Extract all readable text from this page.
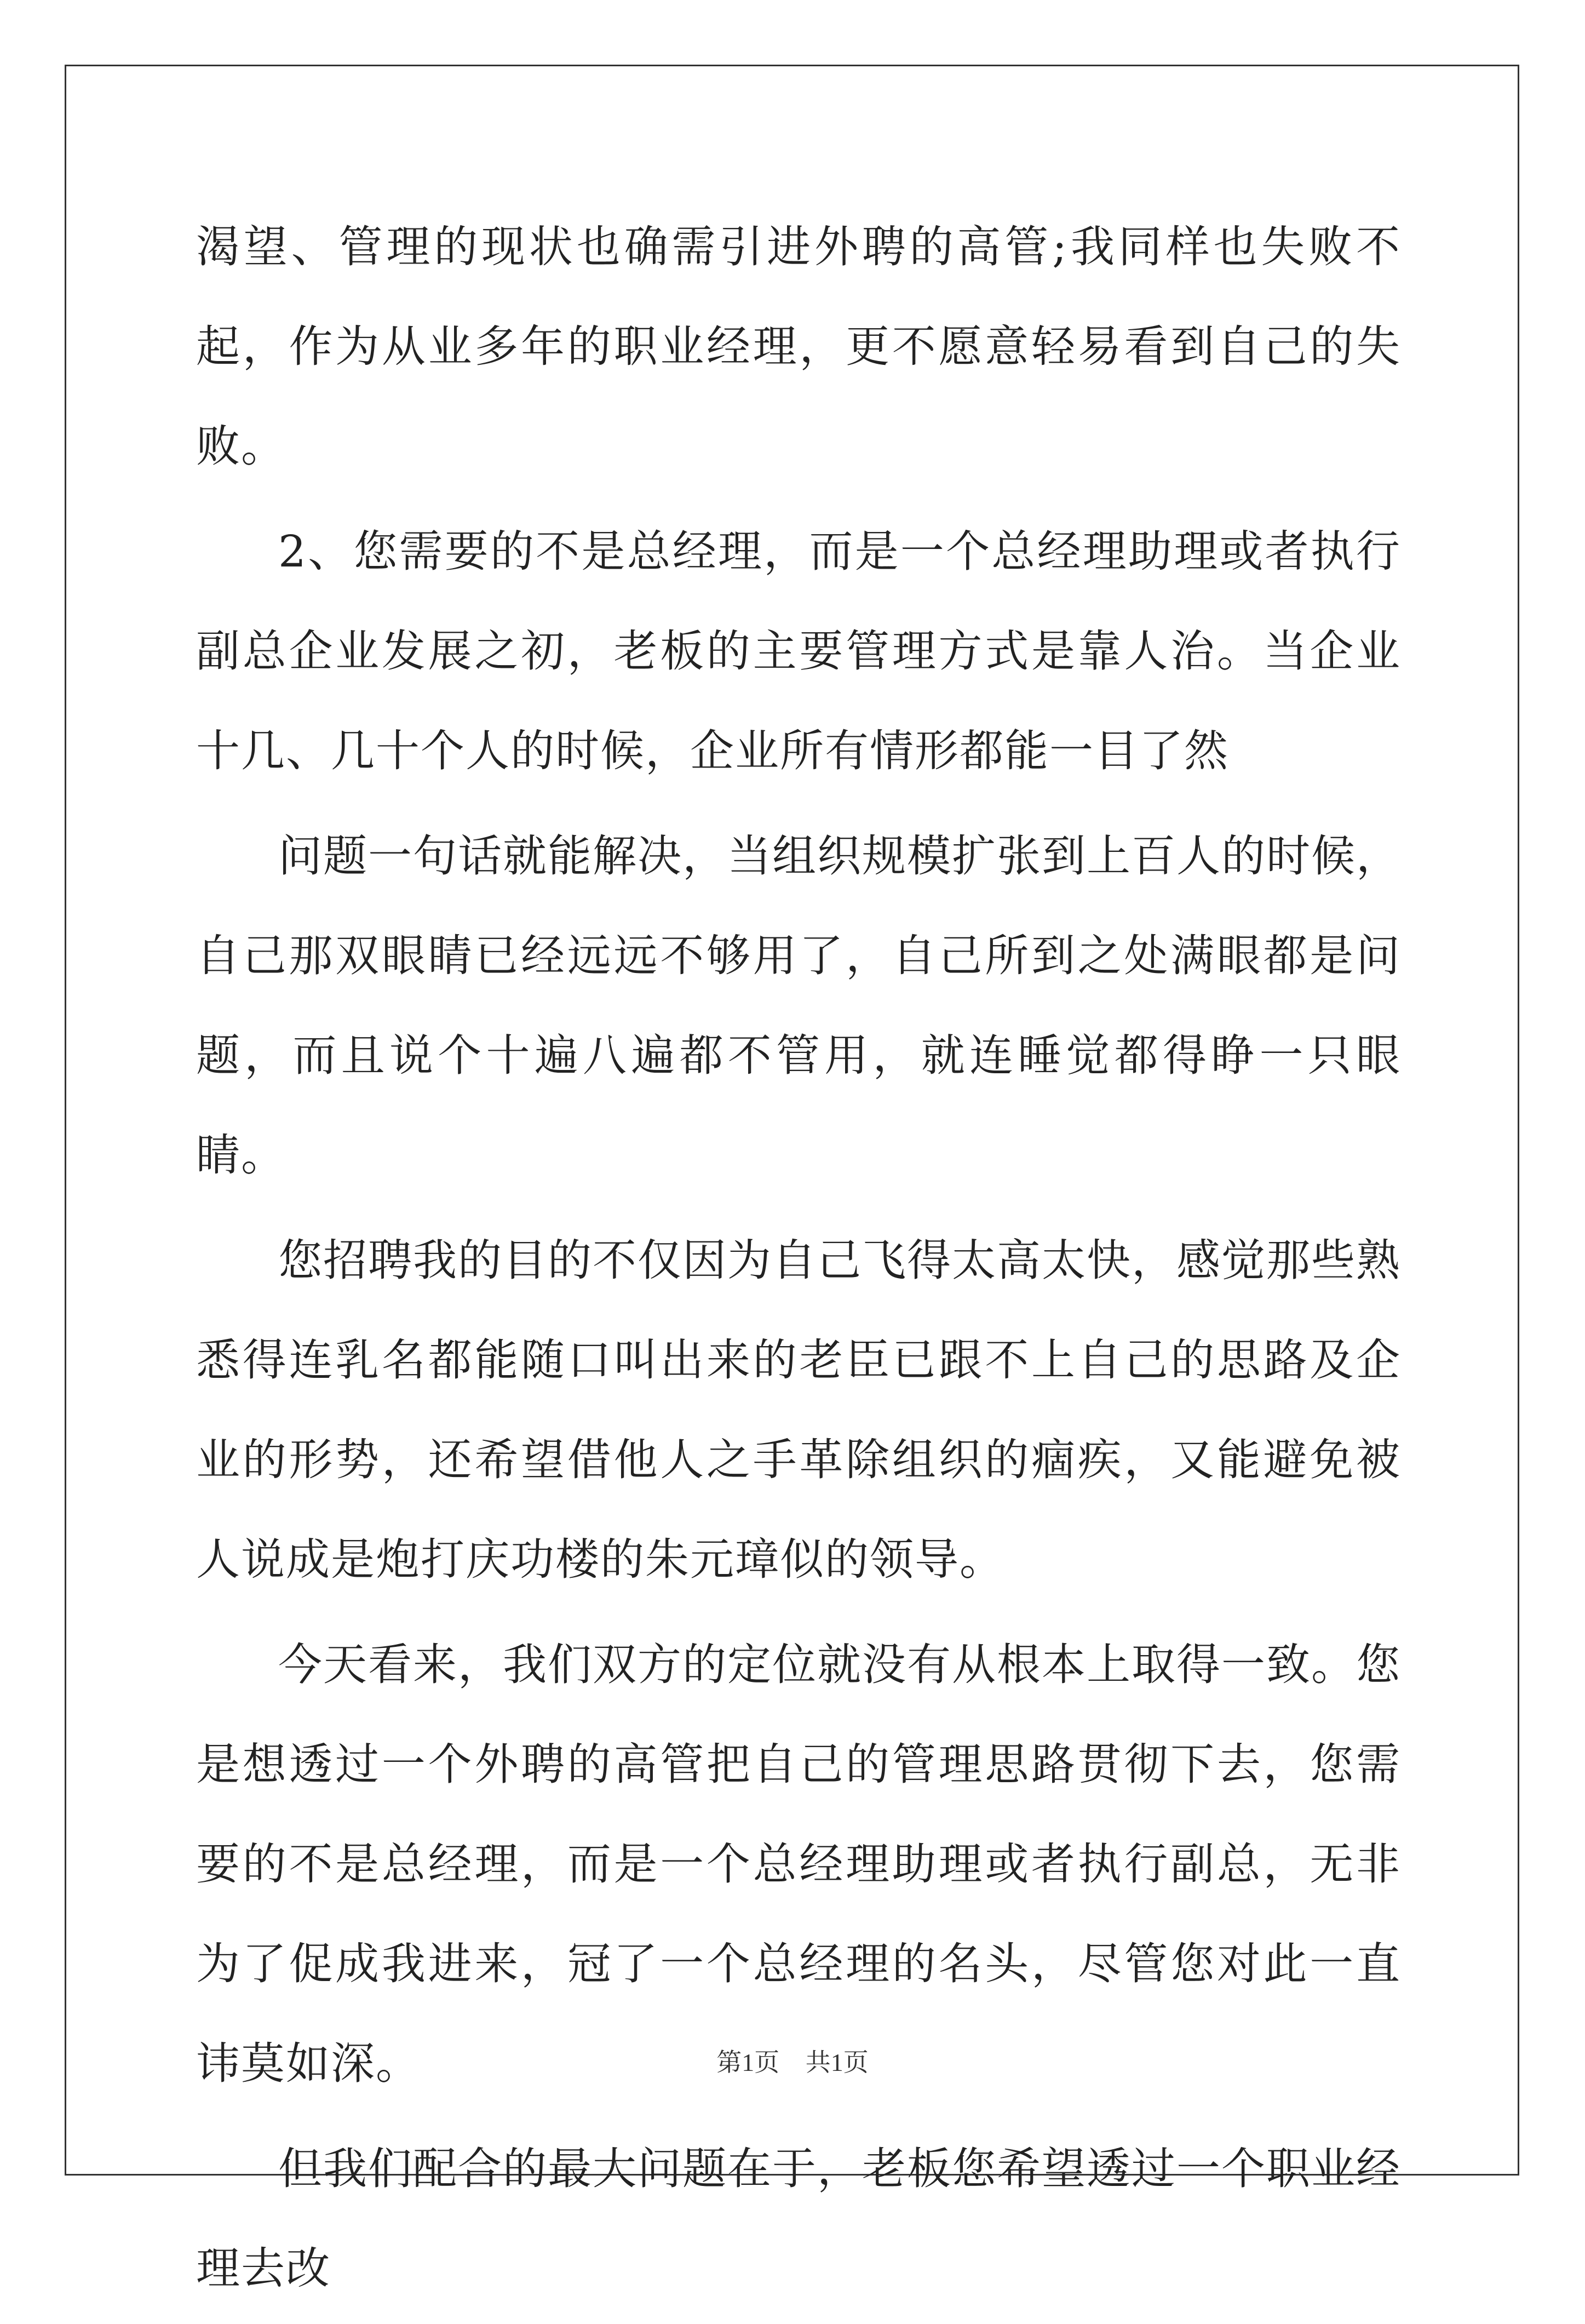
渴望、管理的现状也确需引进外聘的高管;我同样也失败不起，作为从业多年的职业经理，更不愿意轻易看到自己的失败。

2、您需要的不是总经理，而是一个总经理助理或者执行副总企业发展之初，老板的主要管理方式是靠人治。当企业十几、几十个人的时候，企业所有情形都能一目了然

问题一句话就能解决，当组织规模扩张到上百人的时候，自己那双眼睛已经远远不够用了，自己所到之处满眼都是问题，而且说个十遍八遍都不管用，就连睡觉都得睁一只眼睛。

您招聘我的目的不仅因为自己飞得太高太快，感觉那些熟悉得连乳名都能随口叫出来的老臣已跟不上自己的思路及企业的形势，还希望借他人之手革除组织的痼疾，又能避免被人说成是炮打庆功楼的朱元璋似的领导。

今天看来，我们双方的定位就没有从根本上取得一致。您是想透过一个外聘的高管把自己的管理思路贯彻下去，您需要的不是总经理，而是一个总经理助理或者执行副总，无非为了促成我进来，冠了一个总经理的名头，尽管您对此一直讳莫如深。

但我们配合的最大问题在于，老板您希望透过一个职业经理去改

第1页 共1页
